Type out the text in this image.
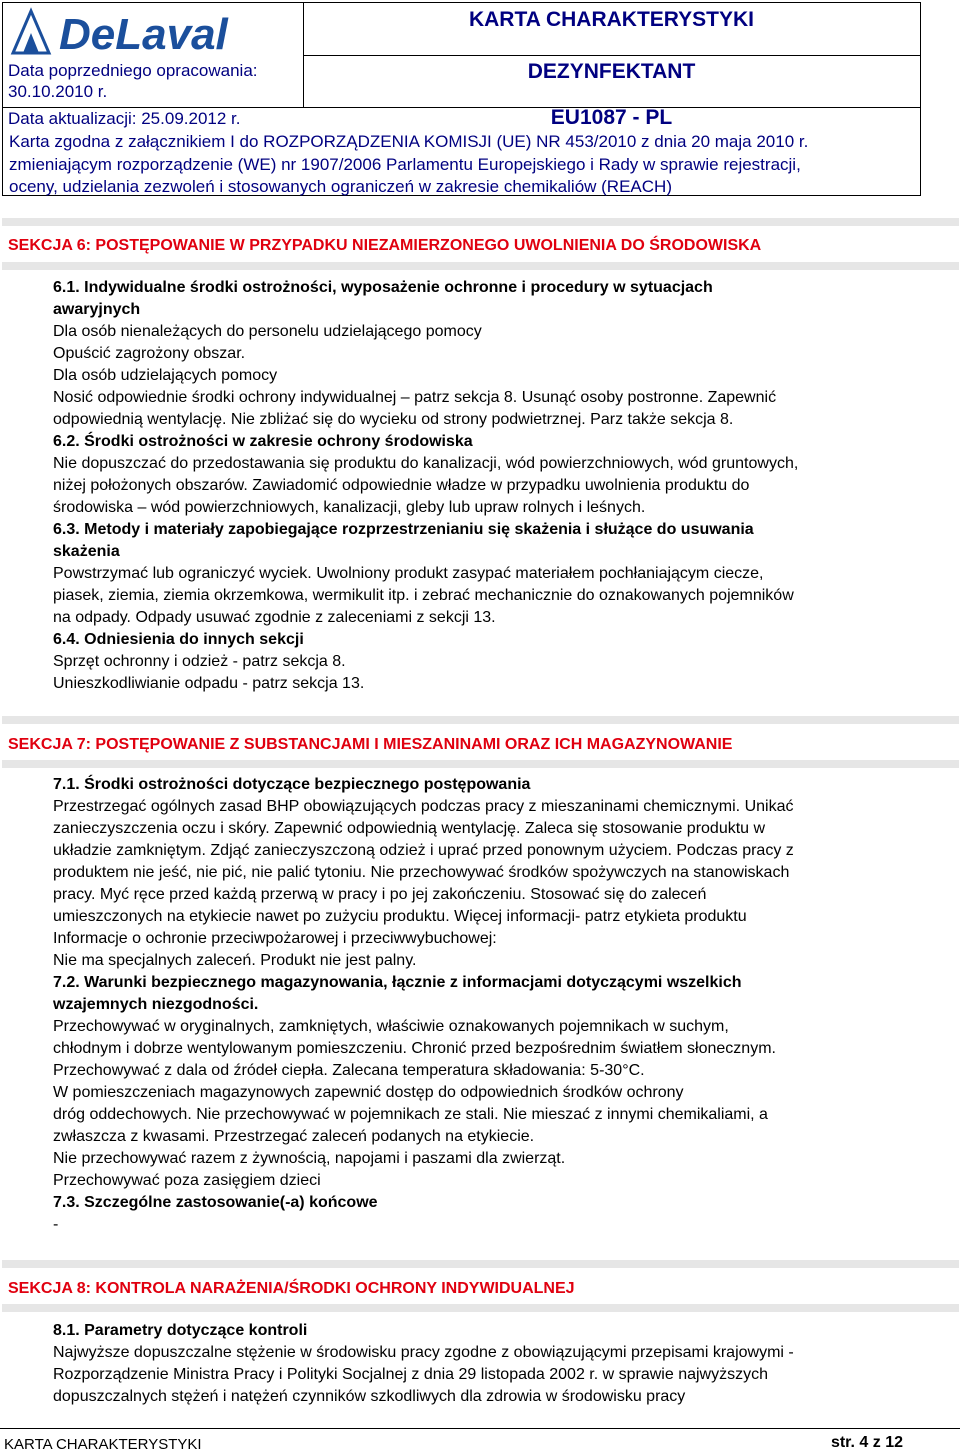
DeLaval
Data poprzedniego opracowania:
30.10.2010 r.
KARTA CHARAKTERYSTYKI
DEZYNFEKTANT
Data aktualizacji: 25.09.2012 r.	EU1087 - PL
Karta zgodna z załącznikiem I do ROZPORZĄDZENIA KOMISJI (UE) NR 453/2010 z dnia 20 maja 2010 r.
zmieniającym rozporządzenie (WE) nr 1907/2006 Parlamentu Europejskiego i Rady w sprawie rejestracji,
oceny, udzielania zezwoleń i stosowanych ograniczeń w zakresie chemikaliów (REACH)
SEKCJA 6: POSTĘPOWANIE W PRZYPADKU NIEZAMIERZONEGO UWOLNIENIA DO ŚRODOWISKA
6.1. Indywidualne środki ostrożności, wyposażenie ochronne i procedury w sytuacjach
awaryjnych
Dla osób nienależących do personelu udzielającego pomocy
Opuścić zagrożony obszar.
Dla osób udzielających pomocy
Nosić odpowiednie środki ochrony indywidualnej – patrz sekcja 8. Usunąć osoby postronne. Zapewnić
odpowiednią wentylację. Nie zbliżać się do wycieku od strony podwietrznej. Parz także sekcja 8.
6.2. Środki ostrożności w zakresie ochrony środowiska
Nie dopuszczać do przedostawania się produktu do kanalizacji, wód powierzchniowych, wód gruntowych,
niżej położonych obszarów. Zawiadomić odpowiednie władze w przypadku uwolnienia produktu do
środowiska – wód powierzchniowych, kanalizacji, gleby lub upraw rolnych i leśnych.
6.3. Metody i materiały zapobiegające rozprzestrzenianiu się skażenia i służące do usuwania
skażenia
Powstrzymać lub ograniczyć wyciek. Uwolniony produkt zasypać materiałem pochłaniającym ciecze,
piasek, ziemia, ziemia okrzemkowa, wermikulit itp. i zebrać mechanicznie do oznakowanych pojemników
na odpady. Odpady usuwać zgodnie z zaleceniami z sekcji 13.
6.4. Odniesienia do innych sekcji
Sprzęt ochronny i odzież - patrz sekcja 8.
Unieszkodliwianie odpadu - patrz sekcja 13.
SEKCJA 7: POSTĘPOWANIE Z SUBSTANCJAMI I MIESZANINAMI ORAZ ICH MAGAZYNOWANIE
7.1. Środki ostrożności dotyczące bezpiecznego postępowania
Przestrzegać ogólnych zasad BHP obowiązujących podczas pracy z mieszaninami chemicznymi. Unikać
zanieczyszczenia oczu i skóry. Zapewnić odpowiednią wentylację. Zaleca się stosowanie produktu w
układzie zamkniętym. Zdjąć zanieczyszczoną odzież i uprać przed ponownym użyciem. Podczas pracy z
produktem nie jeść, nie pić, nie palić tytoniu. Nie przechowywać środków spożywczych na stanowiskach
pracy. Myć ręce przed każdą przerwą w pracy i po jej zakończeniu. Stosować się do zaleceń
umieszczonych na etykiecie nawet po zużyciu produktu. Więcej informacji- patrz etykieta produktu
Informacje o ochronie przeciwpożarowej i przeciwwybuchowej:
Nie ma specjalnych zaleceń. Produkt nie jest palny.
7.2. Warunki bezpiecznego magazynowania, łącznie z informacjami dotyczącymi wszelkich
wzajemnych niezgodności.
Przechowywać w oryginalnych, zamkniętych, właściwie oznakowanych pojemnikach w suchym,
chłodnym i dobrze wentylowanym pomieszczeniu. Chronić przed bezpośrednim światłem słonecznym.
Przechowywać z dala od źródeł ciepła. Zalecana temperatura składowania: 5-30°C.
W pomieszczeniach magazynowych zapewnić dostęp do odpowiednich środków ochrony
dróg oddechowych. Nie przechowywać w pojemnikach ze stali. Nie mieszać z innymi chemikaliami, a
zwłaszcza z kwasami. Przestrzegać zaleceń podanych na etykiecie.
Nie przechowywać razem z żywnością, napojami i paszami dla zwierząt.
Przechowywać poza zasięgiem dzieci
7.3. Szczególne zastosowanie(-a) końcowe
-
SEKCJA 8: KONTROLA NARAŻENIA/ŚRODKI OCHRONY INDYWIDUALNEJ
8.1. Parametry dotyczące kontroli
Najwyższe dopuszczalne stężenie w środowisku pracy zgodne z obowiązującymi przepisami krajowymi -
Rozporządzenie Ministra Pracy i Polityki Socjalnej z dnia 29 listopada 2002 r. w sprawie najwyższych
dopuszczalnych stężeń i natężeń czynników szkodliwych dla zdrowia w środowisku pracy
KARTA CHARAKTERYSTYKI	str. 4 z 12
